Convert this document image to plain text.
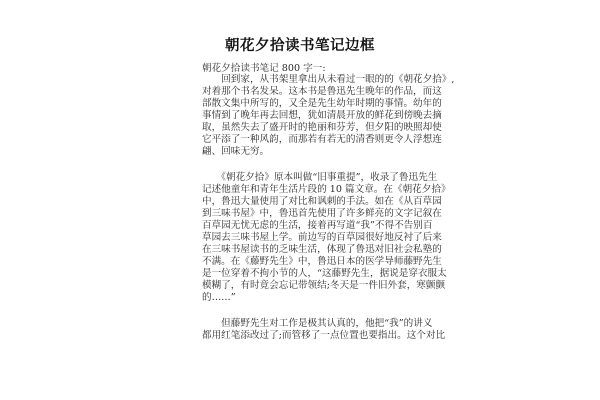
朝花夕拾读书笔记边框
朝花夕拾读书笔记 800 字一:
　　回到家，从书架里拿出从未看过一眼的的《朝花夕拾》,
对着那个书名发呆。这本书是鲁迅先生晚年的作品，而这
部散文集中所写的，又全是先生幼年时期的事情。幼年的
事情到了晚年再去回想，犹如清晨开放的鲜花到傍晚去摘
取，虽然失去了盛开时的艳丽和芬芳，但夕阳的映照却使
它平添了一种风韵，而那若有若无的清香则更令人浮想连
翩、回味无穷。
　　《朝花夕拾》原本叫做“旧事重提”，收录了鲁迅先生
记述他童年和青年生活片段的 10 篇文章。在《朝花夕拾》
中，鲁迅大量使用了对比和讽刺的手法。如在《从百草园
到三味书屋》中，鲁迅首先使用了许多鲜亮的文字记叙在
百草园无忧无虑的生活，接着再写道“我”不得不告别百
草园去三味书屋上学。前边写的百草园很好地反衬了后来
在三味书屋读书的乏味生活，体现了鲁迅对旧社会私塾的
不满。在《藤野先生》中，鲁迅日本的医学导师藤野先生
是一位穿着不拘小节的人，“这藤野先生，据说是穿衣服太
模糊了，有时竟会忘记带领结;冬天是一件旧外套，寒颤颤
的……”
　　但藤野先生对工作是极其认真的，他把“我”的讲义
都用红笔添改过了;而管移了一点位置也要指出。这个对比
